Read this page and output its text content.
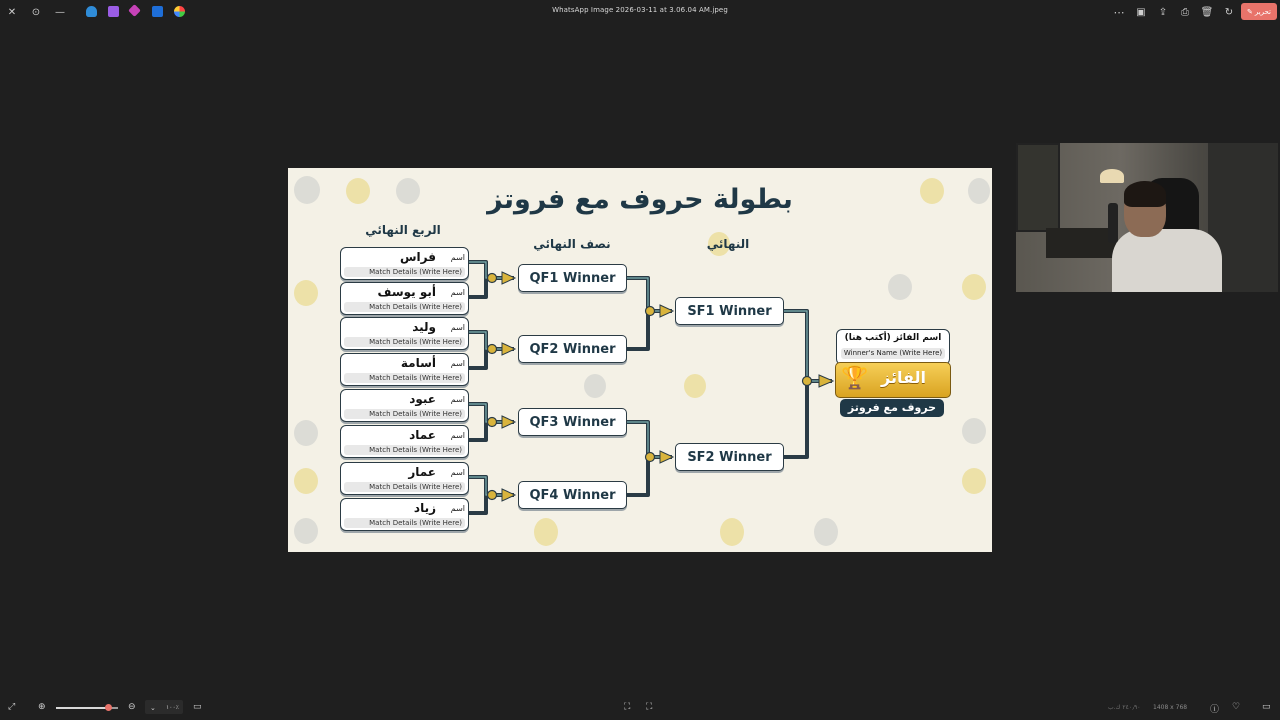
✕ ⊙ —	WhatsApp Image 2026-03-11 at 3.06.04 AM.jpeg	⋯ ▣ ⇪	⎙	🗑 ↻	✎ تحرير
بطولة حروف مع فروتز
الربع النهائي
نصف النهائي	النهائي
اسم
فراس
Match Details (Write Here)
اسم
أبو يوسف
Match Details (Write Here)
اسم
وليد
Match Details (Write Here)
اسم
أسامة
Match Details (Write Here)
اسم
عبود
Match Details (Write Here)
اسم
عماد
Match Details (Write Here)
اسم
عمار
Match Details (Write Here)
اسم
زياد
Match Details (Write Here)
QF1 Winner
QF2 Winner
QF3 Winner
QF4 Winner
SF1 Winner
SF2 Winner
اسم الفائز (أكتب هنا)
Winner's Name (Write Here)
🏆 الفائز
حروف مع فروتز
⤢	⊕	⊖ ⌄ ١٠٠٪ ▭	⛶ ⛶	٢٤٠٫٩٠ ك.ب 1408 x 768	ⓘ ♡ ▭
